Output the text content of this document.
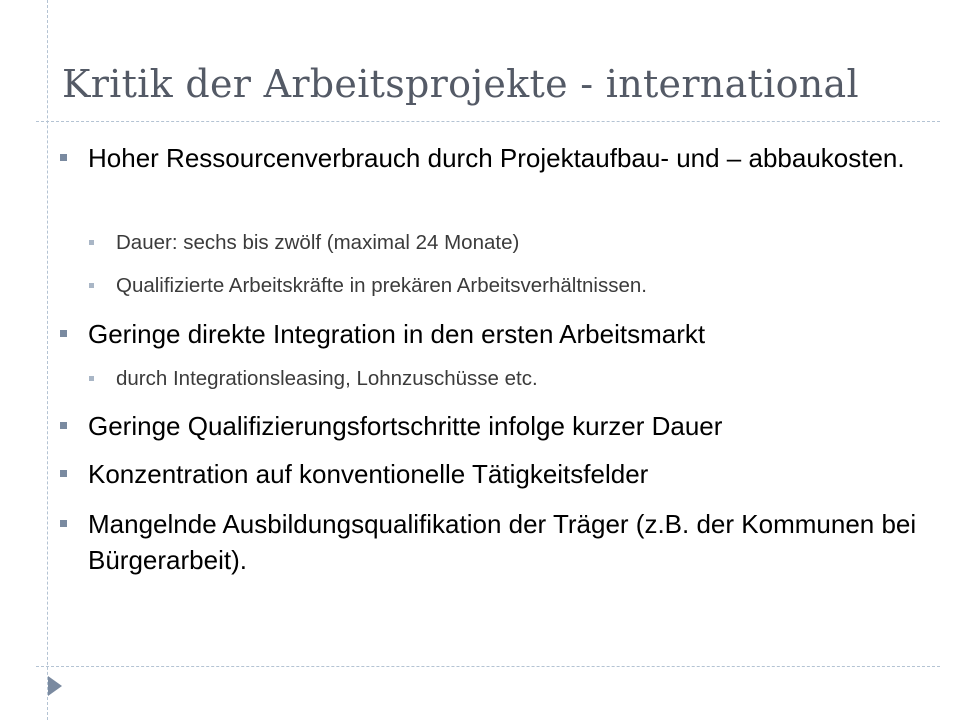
Kritik der Arbeitsprojekte - international
Hoher Ressourcenverbrauch durch Projektaufbau- und – abbaukosten.
Dauer: sechs bis zwölf (maximal 24 Monate)
Qualifizierte Arbeitskräfte in prekären Arbeitsverhältnissen.
Geringe direkte Integration in den ersten Arbeitsmarkt
durch Integrationsleasing, Lohnzuschüsse etc.
Geringe Qualifizierungsfortschritte infolge kurzer Dauer
Konzentration auf konventionelle Tätigkeitsfelder
Mangelnde Ausbildungsqualifikation der Träger (z.B. der Kommunen bei Bürgerarbeit).
